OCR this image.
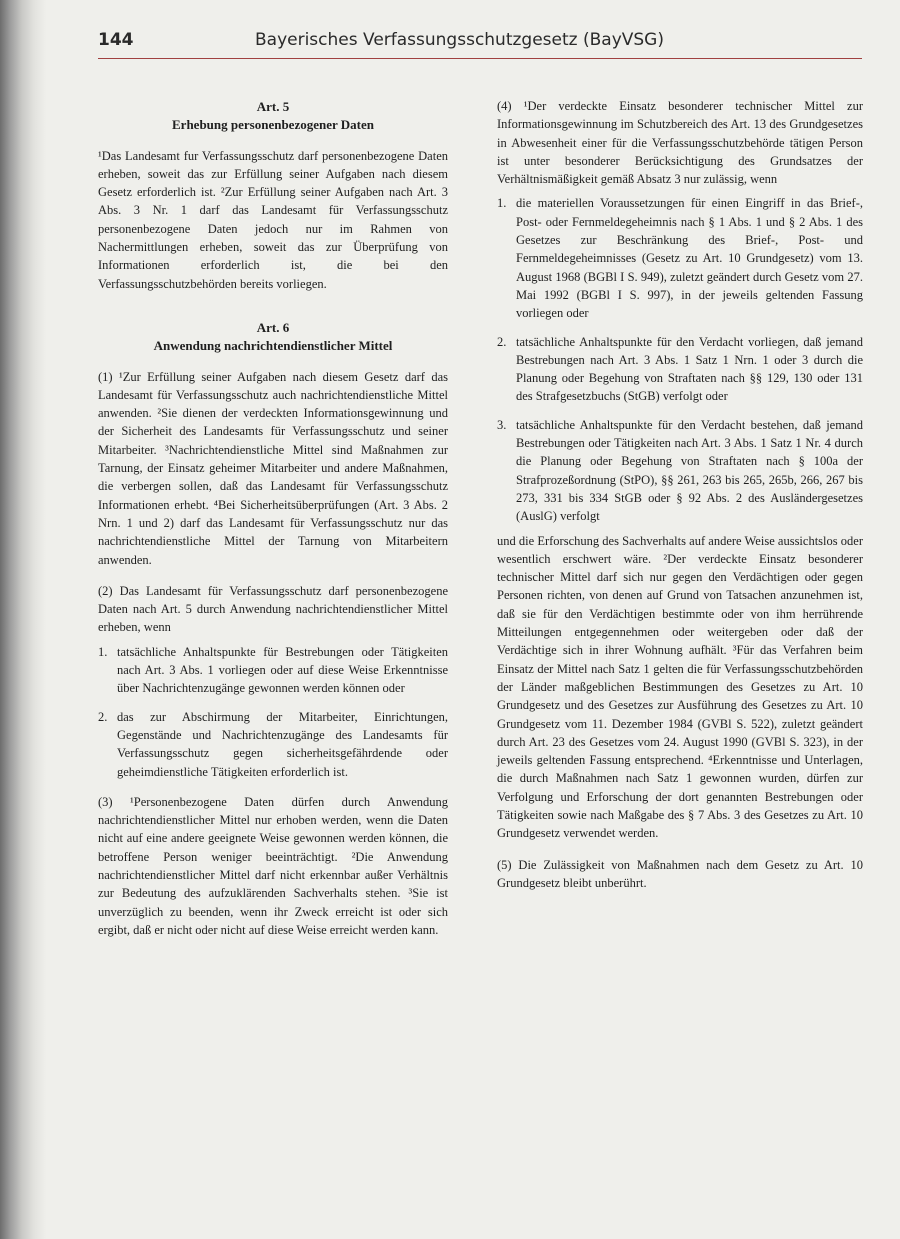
144	Bayerisches Verfassungsschutzgesetz (BayVSG)
Art. 5
Erhebung personenbezogener Daten

¹Das Landesamt fur Verfassungsschutz darf personenbezogene Daten erheben, soweit das zur Erfüllung seiner Aufgaben nach diesem Gesetz erforderlich ist. ²Zur Erfüllung seiner Aufgaben nach Art. 3 Abs. 3 Nr. 1 darf das Landesamt für Verfassungsschutz personenbezogene Daten jedoch nur im Rahmen von Nachermittlungen erheben, soweit das zur Überprüfung von Informationen erforderlich ist, die bei den Verfassungsschutzbehörden bereits vorliegen.

Art. 6
Anwendung nachrichtendienstlicher Mittel

(1) ¹Zur Erfüllung seiner Aufgaben nach diesem Gesetz darf das Landesamt für Verfassungsschutz auch nachrichtendienstliche Mittel anwenden. ²Sie dienen der verdeckten Informationsgewinnung und der Sicherheit des Landesamts für Verfassungsschutz und seiner Mitarbeiter. ³Nachrichtendienstliche Mittel sind Maßnahmen zur Tarnung, der Einsatz geheimer Mitarbeiter und andere Maßnahmen, die verbergen sollen, daß das Landesamt für Verfassungsschutz Informationen erhebt. ⁴Bei Sicherheitsüberprüfungen (Art. 3 Abs. 2 Nrn. 1 und 2) darf das Landesamt für Verfassungsschutz nur das nachrichtendienstliche Mittel der Tarnung von Mitarbeitern anwenden.

(2) Das Landesamt für Verfassungsschutz darf personenbezogene Daten nach Art. 5 durch Anwendung nachrichtendienstlicher Mittel erheben, wenn

1. tatsächliche Anhaltspunkte für Bestrebungen oder Tätigkeiten nach Art. 3 Abs. 1 vorliegen oder auf diese Weise Erkenntnisse über Nachrichtenzugänge gewonnen werden können oder
2. das zur Abschirmung der Mitarbeiter, Einrichtungen, Gegenstände und Nachrichtenzugänge des Landesamts für Verfassungsschutz gegen sicherheitsgefährdende oder geheimdienstliche Tätigkeiten erforderlich ist.

(3) ¹Personenbezogene Daten dürfen durch Anwendung nachrichtendienstlicher Mittel nur erhoben werden, wenn die Daten nicht auf eine andere geeignete Weise gewonnen werden können, die betroffene Person weniger beeinträchtigt. ²Die Anwendung nachrichtendienstlicher Mittel darf nicht erkennbar außer Verhältnis zur Bedeutung des aufzuklärenden Sachverhalts stehen. ³Sie ist unverzüglich zu beenden, wenn ihr Zweck erreicht ist oder sich ergibt, daß er nicht oder nicht auf diese Weise erreicht werden kann.

(4) ¹Der verdeckte Einsatz besonderer technischer Mittel zur Informationsgewinnung im Schutzbereich des Art. 13 des Grundgesetzes in Abwesenheit einer für die Verfassungsschutzbehörde tätigen Person ist unter besonderer Berücksichtigung des Grundsatzes der Verhältnismäßigkeit gemäß Absatz 3 nur zulässig, wenn

1. die materiellen Voraussetzungen für einen Eingriff in das Brief-, Post- oder Fernmeldegeheimnis nach § 1 Abs. 1 und § 2 Abs. 1 des Gesetzes zur Beschränkung des Brief-, Post- und Fernmeldegeheimnisses (Gesetz zu Art. 10 Grundgesetz) vom 13. August 1968 (BGBl I S. 949), zuletzt geändert durch Gesetz vom 27. Mai 1992 (BGBl I S. 997), in der jeweils geltenden Fassung vorliegen oder
2. tatsächliche Anhaltspunkte für den Verdacht vorliegen, daß jemand Bestrebungen nach Art. 3 Abs. 1 Satz 1 Nrn. 1 oder 3 durch die Planung oder Begehung von Straftaten nach §§ 129, 130 oder 131 des Strafgesetzbuchs (StGB) verfolgt oder
3. tatsächliche Anhaltspunkte für den Verdacht bestehen, daß jemand Bestrebungen oder Tätigkeiten nach Art. 3 Abs. 1 Satz 1 Nr. 4 durch die Planung oder Begehung von Straftaten nach § 100a der Strafprozeßordnung (StPO), §§ 261, 263 bis 265, 265b, 266, 267 bis 273, 331 bis 334 StGB oder § 92 Abs. 2 des Ausländergesetzes (AuslG) verfolgt

und die Erforschung des Sachverhalts auf andere Weise aussichtslos oder wesentlich erschwert wäre. ²Der verdeckte Einsatz besonderer technischer Mittel darf sich nur gegen den Verdächtigen oder gegen Personen richten, von denen auf Grund von Tatsachen anzunehmen ist, daß sie für den Verdächtigen bestimmte oder von ihm herrührende Mitteilungen entgegennehmen oder weitergeben oder daß der Verdächtige sich in ihrer Wohnung aufhält. ³Für das Verfahren beim Einsatz der Mittel nach Satz 1 gelten die für Verfassungsschutzbehörden der Länder maßgeblichen Bestimmungen des Gesetzes zu Art. 10 Grundgesetz und des Gesetzes zur Ausführung des Gesetzes zu Art. 10 Grundgesetz vom 11. Dezember 1984 (GVBl S. 522), zuletzt geändert durch Art. 23 des Gesetzes vom 24. August 1990 (GVBl S. 323), in der jeweils geltenden Fassung entsprechend. ⁴Erkenntnisse und Unterlagen, die durch Maßnahmen nach Satz 1 gewonnen wurden, dürfen zur Verfolgung und Erforschung der dort genannten Bestrebungen oder Tätigkeiten sowie nach Maßgabe des § 7 Abs. 3 des Gesetzes zu Art. 10 Grundgesetz verwendet werden.

(5) Die Zulässigkeit von Maßnahmen nach dem Gesetz zu Art. 10 Grundgesetz bleibt unberührt.
